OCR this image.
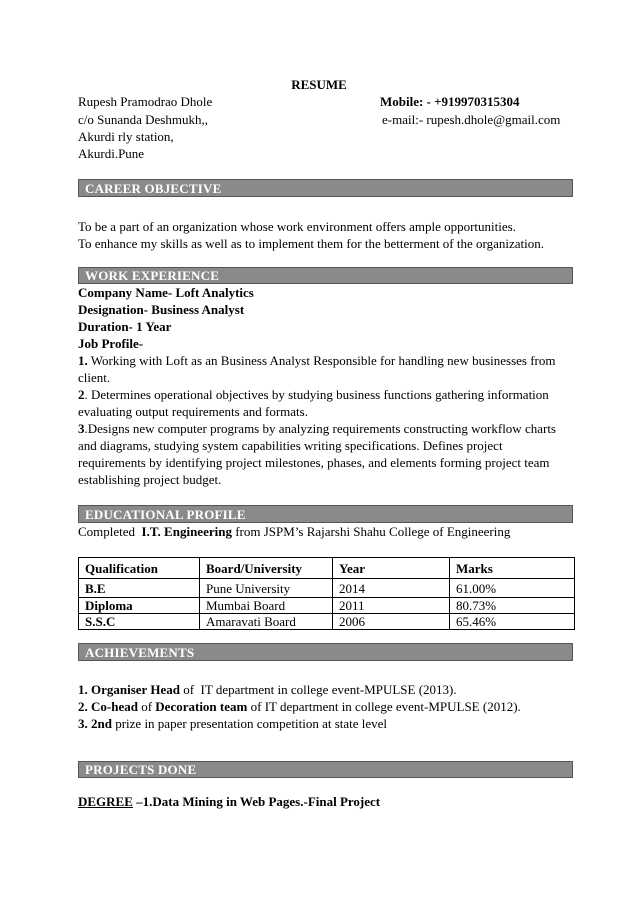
RESUME
Rupesh Pramodrao Dhole	Mobile: - +919970315304
c/o Sunanda Deshmukh,,	e-mail:- rupesh.dhole@gmail.com
Akurdi rly station,
Akurdi.Pune
CAREER OBJECTIVE
To be a part of an organization whose work environment offers ample opportunities.
To enhance my skills as well as to implement them for the betterment of the organization.
WORK EXPERIENCE
Company Name- Loft Analytics
Designation- Business Analyst
Duration- 1 Year
Job Profile-
1. Working with Loft as an Business Analyst Responsible for handling new businesses from client.
2. Determines operational objectives by studying business functions gathering information evaluating output requirements and formats.
3.Designs new computer programs by analyzing requirements constructing workflow charts and diagrams, studying system capabilities writing specifications. Defines project requirements by identifying project milestones, phases, and elements forming project team establishing project budget.
EDUCATIONAL PROFILE
Completed  I.T. Engineering from JSPM’s Rajarshi Shahu College of Engineering
Qualification	Board/University	Year	Marks
B.E	Pune University	2014	61.00%
Diploma	Mumbai Board	2011	80.73%
S.S.C	Amaravati Board	2006	65.46%
ACHIEVEMENTS
1. Organiser Head of  IT department in college event-MPULSE (2013).
2. Co-head of Decoration team of IT department in college event-MPULSE (2012).
3. 2nd prize in paper presentation competition at state level
PROJECTS DONE
DEGREE –1.Data Mining in Web Pages.-Final Project
